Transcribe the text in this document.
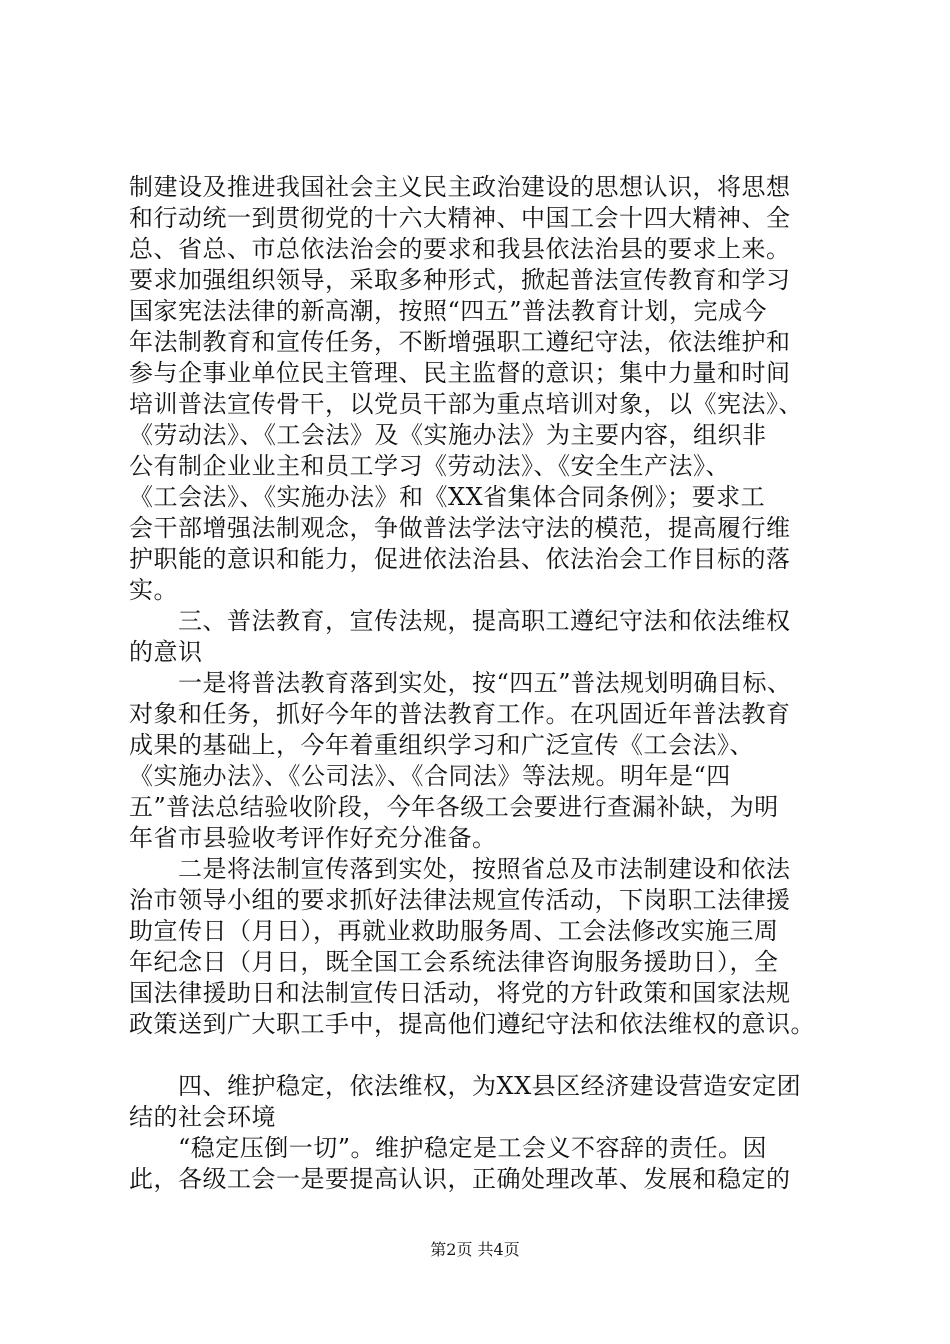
制建设及推进我国社会主义民主政治建设的思想认识，将思想
和行动统一到贯彻党的十六大精神、中国工会十四大精神、全
总、省总、市总依法治会的要求和我县依法治县的要求上来。
要求加强组织领导，采取多种形式，掀起普法宣传教育和学习
国家宪法法律的新高潮，按照“四五”普法教育计划，完成今
年法制教育和宣传任务，不断增强职工遵纪守法，依法维护和
参与企事业单位民主管理、民主监督的意识；集中力量和时间
培训普法宣传骨干，以党员干部为重点培训对象，以《宪法》、
《劳动法》、《工会法》及《实施办法》为主要内容，组织非
公有制企业业主和员工学习《劳动法》、《安全生产法》、
《工会法》、《实施办法》和《XX省集体合同条例》；要求工
会干部增强法制观念，争做普法学法守法的模范，提高履行维
护职能的意识和能力，促进依法治县、依法治会工作目标的落
实。
　　三、普法教育，宣传法规，提高职工遵纪守法和依法维权
的意识
　　一是将普法教育落到实处，按“四五”普法规划明确目标、
对象和任务，抓好今年的普法教育工作。在巩固近年普法教育
成果的基础上，今年着重组织学习和广泛宣传《工会法》、
《实施办法》、《公司法》、《合同法》等法规。明年是“四
五”普法总结验收阶段，今年各级工会要进行查漏补缺，为明
年省市县验收考评作好充分准备。
　　二是将法制宣传落到实处，按照省总及市法制建设和依法
治市领导小组的要求抓好法律法规宣传活动，下岗职工法律援
助宣传日（月日），再就业救助服务周、工会法修改实施三周
年纪念日（月日，既全国工会系统法律咨询服务援助日），全
国法律援助日和法制宣传日活动，将党的方针政策和国家法规
政策送到广大职工手中，提高他们遵纪守法和依法维权的意识。
　　四、维护稳定，依法维权，为XX县区经济建设营造安定团
结的社会环境
　　“稳定压倒一切”。维护稳定是工会义不容辞的责任。因
此，各级工会一是要提高认识，正确处理改革、发展和稳定的
第2页 共4页
